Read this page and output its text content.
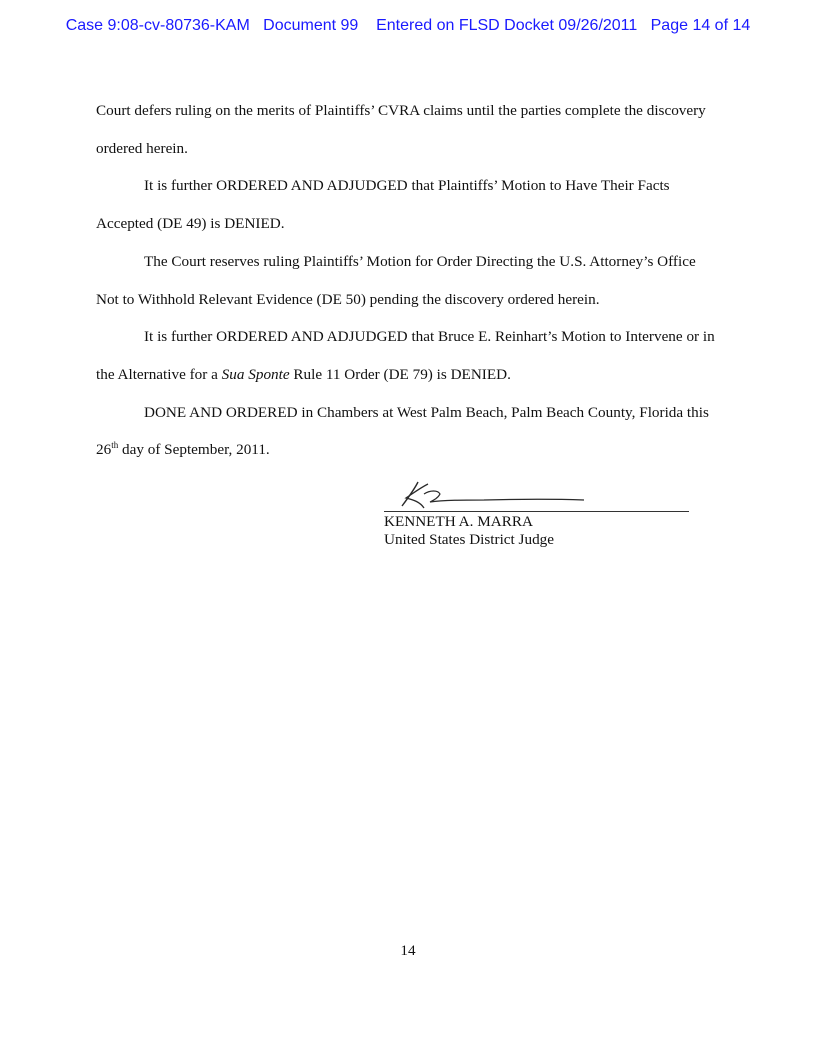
Case 9:08-cv-80736-KAM   Document 99    Entered on FLSD Docket 09/26/2011   Page 14 of 14

Court defers ruling on the merits of Plaintiffs’ CVRA claims until the parties complete the discovery ordered herein.

It is further ORDERED AND ADJUDGED that Plaintiffs’ Motion to Have Their Facts Accepted (DE 49) is DENIED.

The Court reserves ruling Plaintiffs’ Motion for Order Directing the U.S. Attorney’s Office Not to Withhold Relevant Evidence (DE 50) pending the discovery ordered herein.

It is further ORDERED AND ADJUDGED that Bruce E. Reinhart’s Motion to Intervene or in the Alternative for a Sua Sponte Rule 11 Order (DE 79) is DENIED.

DONE AND ORDERED in Chambers at West Palm Beach, Palm Beach County, Florida this 26th day of September, 2011.

KENNETH A. MARRA
United States District Judge
14
